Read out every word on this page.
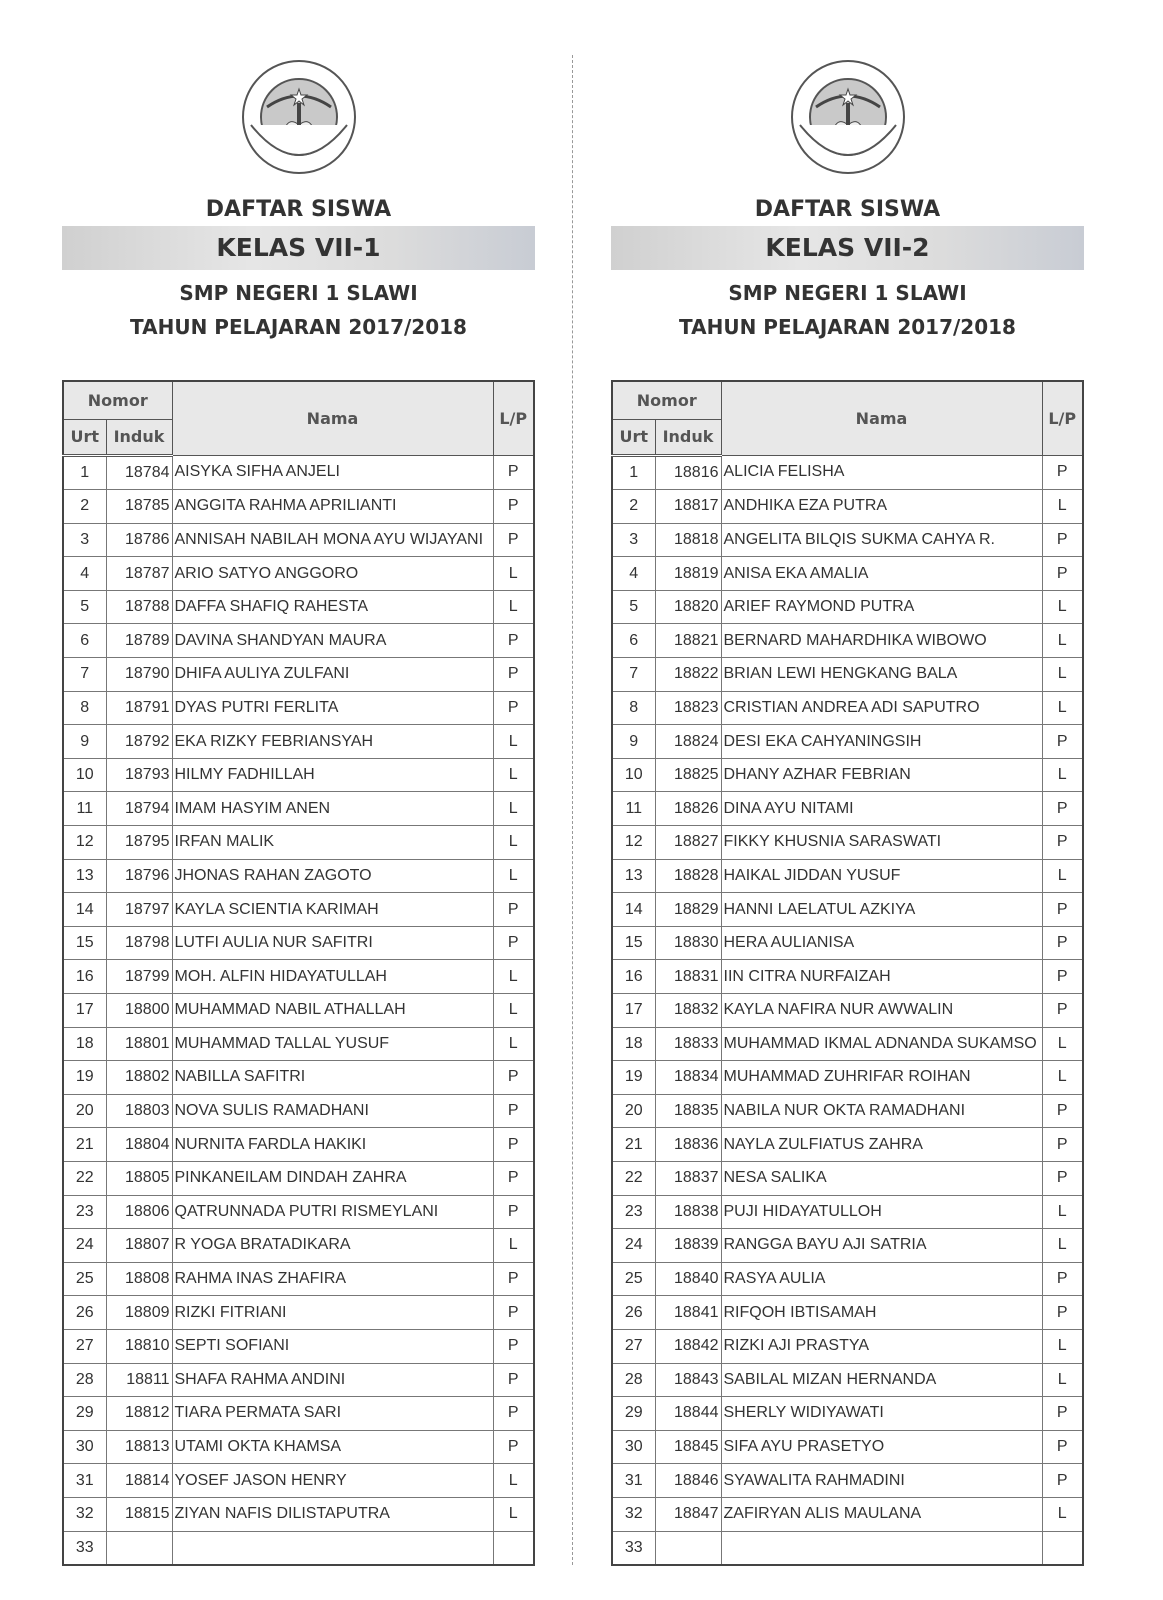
DAFTAR SISWA
KELAS VII-1
SMP NEGERI 1 SLAWI
TAHUN PELAJARAN 2017/2018
Nomor		Nama	L/P
Urt	Induk		
1	18784	AISYKA SIFHA ANJELI	P
2	18785	ANGGITA RAHMA APRILIANTI	P
3	18786	ANNISAH NABILAH MONA AYU WIJAYANI	P
4	18787	ARIO SATYO ANGGORO	L
5	18788	DAFFA SHAFIQ RAHESTA	L
6	18789	DAVINA SHANDYAN MAURA	P
7	18790	DHIFA AULIYA ZULFANI	P
8	18791	DYAS PUTRI FERLITA	P
9	18792	EKA RIZKY FEBRIANSYAH	L
10	18793	HILMY FADHILLAH	L
11	18794	IMAM HASYIM ANEN	L
12	18795	IRFAN MALIK	L
13	18796	JHONAS RAHAN ZAGOTO	L
14	18797	KAYLA SCIENTIA KARIMAH	P
15	18798	LUTFI AULIA NUR SAFITRI	P
16	18799	MOH. ALFIN HIDAYATULLAH	L
17	18800	MUHAMMAD NABIL ATHALLAH	L
18	18801	MUHAMMAD TALLAL YUSUF	L
19	18802	NABILLA SAFITRI	P
20	18803	NOVA SULIS RAMADHANI	P
21	18804	NURNITA FARDLA HAKIKI	P
22	18805	PINKANEILAM DINDAH ZAHRA	P
23	18806	QATRUNNADA PUTRI RISMEYLANI	P
24	18807	R YOGA BRATADIKARA	L
25	18808	RAHMA INAS ZHAFIRA	P
26	18809	RIZKI FITRIANI	P
27	18810	SEPTI SOFIANI	P
28	18811	SHAFA RAHMA ANDINI	P
29	18812	TIARA PERMATA SARI	P
30	18813	UTAMI OKTA KHAMSA	P
31	18814	YOSEF JASON HENRY	L
32	18815	ZIYAN NAFIS DILISTAPUTRA	L
33			
DAFTAR SISWA
KELAS VII-2
SMP NEGERI 1 SLAWI
TAHUN PELAJARAN 2017/2018
Nomor		Nama	L/P
Urt	Induk		
1	18816	ALICIA FELISHA	P
2	18817	ANDHIKA EZA PUTRA	L
3	18818	ANGELITA BILQIS SUKMA CAHYA R.	P
4	18819	ANISA EKA AMALIA	P
5	18820	ARIEF RAYMOND PUTRA	L
6	18821	BERNARD MAHARDHIKA WIBOWO	L
7	18822	BRIAN LEWI HENGKANG BALA	L
8	18823	CRISTIAN ANDREA ADI SAPUTRO	L
9	18824	DESI EKA CAHYANINGSIH	P
10	18825	DHANY AZHAR FEBRIAN	L
11	18826	DINA AYU NITAMI	P
12	18827	FIKKY KHUSNIA SARASWATI	P
13	18828	HAIKAL JIDDAN YUSUF	L
14	18829	HANNI LAELATUL AZKIYA	P
15	18830	HERA AULIANISA	P
16	18831	IIN CITRA NURFAIZAH	P
17	18832	KAYLA NAFIRA NUR AWWALIN	P
18	18833	MUHAMMAD IKMAL ADNANDA SUKAMSO	L
19	18834	MUHAMMAD ZUHRIFAR ROIHAN	L
20	18835	NABILA NUR OKTA RAMADHANI	P
21	18836	NAYLA ZULFIATUS ZAHRA	P
22	18837	NESA SALIKA	P
23	18838	PUJI HIDAYATULLOH	L
24	18839	RANGGA BAYU AJI SATRIA	L
25	18840	RASYA AULIA	P
26	18841	RIFQOH IBTISAMAH	P
27	18842	RIZKI AJI PRASTYA	L
28	18843	SABILAL MIZAN HERNANDA	L
29	18844	SHERLY WIDIYAWATI	P
30	18845	SIFA AYU PRASETYO	P
31	18846	SYAWALITA RAHMADINI	P
32	18847	ZAFIRYAN ALIS MAULANA	L
33			
